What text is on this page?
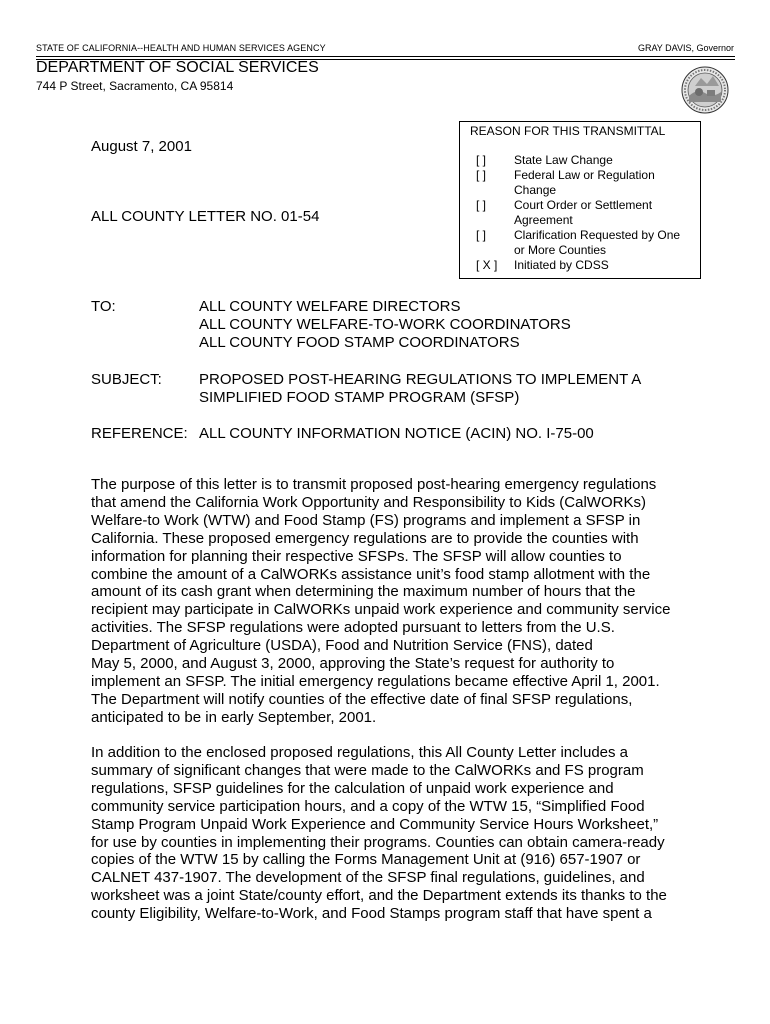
STATE OF CALIFORNIA--HEALTH AND HUMAN SERVICES AGENCY	GRAY DAVIS, Governor
DEPARTMENT OF SOCIAL SERVICES
744 P Street, Sacramento, CA 95814
August 7, 2001
ALL COUNTY LETTER NO. 01-54
REASON FOR THIS TRANSMITTAL
[ ] State Law Change
[ ] Federal Law or Regulation
Change
[ ] Court Order or Settlement
Agreement
[ ] Clarification Requested by One
or More Counties
[ X ] Initiated by CDSS
TO:	ALL COUNTY WELFARE DIRECTORS
ALL COUNTY WELFARE-TO-WORK COORDINATORS
ALL COUNTY FOOD STAMP COORDINATORS
SUBJECT: PROPOSED POST-HEARING REGULATIONS TO IMPLEMENT A
SIMPLIFIED FOOD STAMP PROGRAM (SFSP)
REFERENCE: ALL COUNTY INFORMATION NOTICE (ACIN) NO. I-75-00
The purpose of this letter is to transmit proposed post-hearing emergency regulations
that amend the California Work Opportunity and Responsibility to Kids (CalWORKs)
Welfare-to Work (WTW) and Food Stamp (FS) programs and implement a SFSP in
California. These proposed emergency regulations are to provide the counties with
information for planning their respective SFSPs. The SFSP will allow counties to
combine the amount of a CalWORKs assistance unit’s food stamp allotment with the
amount of its cash grant when determining the maximum number of hours that the
recipient may participate in CalWORKs unpaid work experience and community service
activities. The SFSP regulations were adopted pursuant to letters from the U.S.
Department of Agriculture (USDA), Food and Nutrition Service (FNS), dated
May 5, 2000, and August 3, 2000, approving the State’s request for authority to
implement an SFSP. The initial emergency regulations became effective April 1, 2001.
The Department will notify counties of the effective date of final SFSP regulations,
anticipated to be in early September, 2001.
In addition to the enclosed proposed regulations, this All County Letter includes a
summary of significant changes that were made to the CalWORKs and FS program
regulations, SFSP guidelines for the calculation of unpaid work experience and
community service participation hours, and a copy of the WTW 15, “Simplified Food
Stamp Program Unpaid Work Experience and Community Service Hours Worksheet,”
for use by counties in implementing their programs. Counties can obtain camera-ready
copies of the WTW 15 by calling the Forms Management Unit at (916) 657-1907 or
CALNET 437-1907. The development of the SFSP final regulations, guidelines, and
worksheet was a joint State/county effort, and the Department extends its thanks to the
county Eligibility, Welfare-to-Work, and Food Stamps program staff that have spent a
